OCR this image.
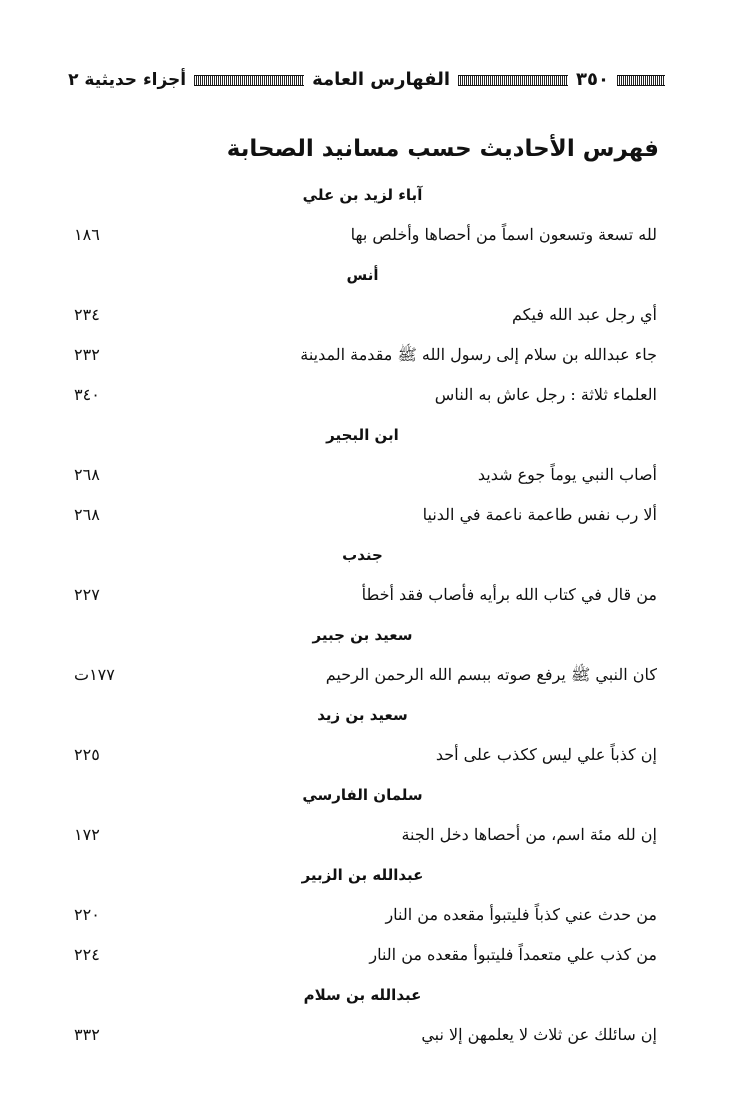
٣٥٠
الفهارس العامة
أجزاء حديثية ٢
فهرس الأحاديث حسب مسانيد الصحابة
آباء لزيد بن علي
لله تسعة وتسعون اسماً من أحصاها وأخلص بها
١٨٦
أنس
أي رجل عبد الله فيكم
٢٣٤
جاء عبدالله بن سلام إلى رسول الله ﷺ مقدمة المدينة
٢٣٢
العلماء ثلاثة : رجل عاش به الناس
٣٤٠
ابن البجير
أصاب النبي يوماً جوع شديد
٢٦٨
ألا رب نفس طاعمة ناعمة في الدنيا
٢٦٨
جندب
من قال في كتاب الله برأيه فأصاب فقد أخطأ
٢٢٧
سعيد بن جبير
كان النبي ﷺ يرفع صوته ببسم الله الرحمن الرحيم
١٧٧ت
سعيد بن زيد
إن كذباً علي ليس ككذب على أحد
٢٢٥
سلمان الفارسي
إن لله مئة اسم، من أحصاها دخل الجنة
١٧٢
عبدالله بن الزبير
من حدث عني كذباً فليتبوأ مقعده من النار
٢٢٠
من كذب علي متعمداً فليتبوأ مقعده من النار
٢٢٤
عبدالله بن سلام
إن سائلك عن ثلاث لا يعلمهن إلا نبي
٣٣٢
